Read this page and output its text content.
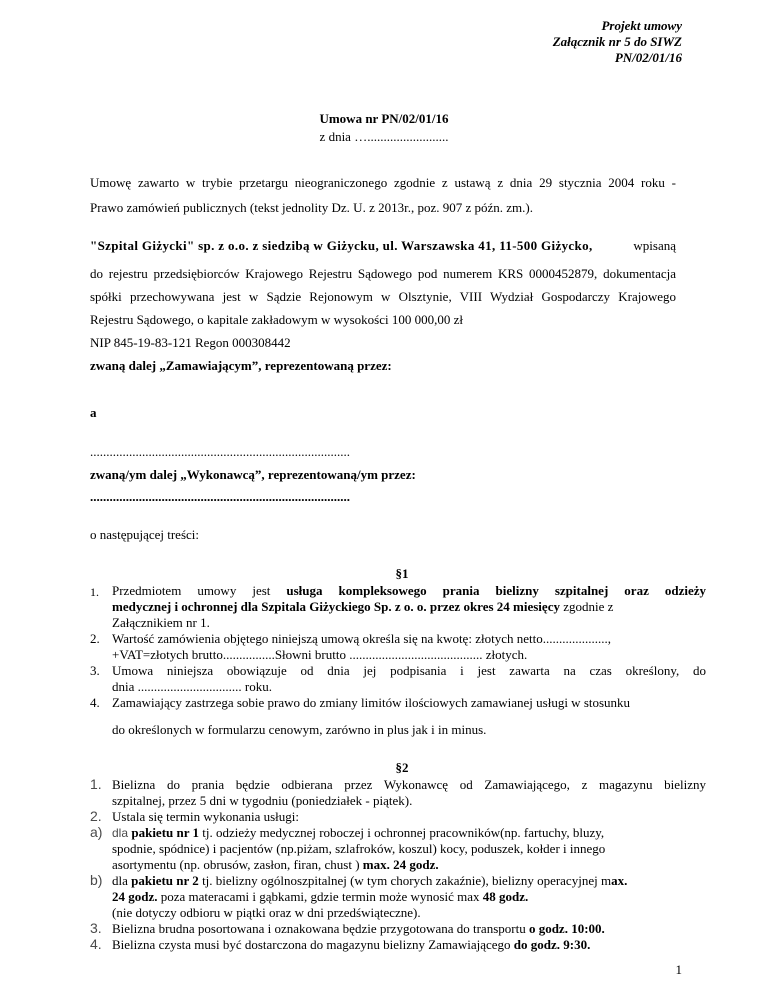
Projekt umowy
Załącznik nr 5 do SIWZ
PN/02/01/16
Umowa nr PN/02/01/16
z dnia ….........................
Umowę zawarto w trybie przetargu nieograniczonego zgodnie z ustawą z dnia 29 stycznia 2004 roku -
Prawo zamówień publicznych (tekst jednolity Dz. U. z 2013r., poz. 907 z późn. zm.).
"Szpital Giżycki" sp. z o.o. z siedzibą w Giżycku, ul. Warszawska 41, 11-500 Giżycko,	wpisaną
do rejestru przedsiębiorców Krajowego Rejestru Sądowego pod numerem KRS 0000452879, dokumentacja
spółki przechowywana jest w Sądzie Rejonowym w Olsztynie, VIII Wydział Gospodarczy Krajowego
Rejestru Sądowego, o kapitale zakładowym w wysokości 100 000,00 zł
NIP 845-19-83-121 Regon 000308442
zwaną dalej „Zamawiającym”, reprezentowaną przez:
a
................................................................................
zwaną/ym dalej „Wykonawcą”, reprezentowaną/ym przez:
................................................................................
o następującej treści:
§1
1. Przedmiotem umowy jest usługa kompleksowego prania bielizny szpitalnej oraz odzieży
medycznej i ochronnej dla Szpitala Giżyckiego Sp. z o. o. przez okres 24 miesięcy zgodnie z
Załącznikiem nr 1.
2. Wartość zamówienia objętego niniejszą umową określa się na kwotę: złotych netto....................,
+VAT=złotych brutto................Słowni brutto ......................................... złotych.
3. Umowa niniejsza obowiązuje od dnia jej podpisania i jest zawarta na czas określony, do
dnia ................................ roku.
4. Zamawiający zastrzega sobie prawo do zmiany limitów ilościowych zamawianej usługi w stosunku
do określonych w formularzu cenowym, zarówno in plus jak i in minus.
§2
1. Bielizna do prania będzie odbierana przez Wykonawcę od Zamawiającego, z magazynu bielizny
szpitalnej, przez 5 dni w tygodniu (poniedziałek - piątek).
2. Ustala się termin wykonania usługi:
a) dla pakietu nr 1 tj. odzieży medycznej roboczej i ochronnej pracowników(np. fartuchy, bluzy,
spodnie, spódnice) i pacjentów (np.piżam, szlafroków, koszul) kocy, poduszek, kołder i innego
asortymentu (np. obrusów, zasłon, firan, chust ) max. 24 godz.
b) dla pakietu nr 2 tj. bielizny ogólnoszpitalnej (w tym chorych zakaźnie), bielizny operacyjnej max.
24 godz. poza materacami i gąbkami, gdzie termin może wynosić max 48 godz.
(nie dotyczy odbioru w piątki oraz w dni przedświąteczne).
3. Bielizna brudna posortowana i oznakowana będzie przygotowana do transportu o godz. 10:00.
4. Bielizna czysta musi być dostarczona do magazynu bielizny Zamawiającego do godz. 9:30.
1
